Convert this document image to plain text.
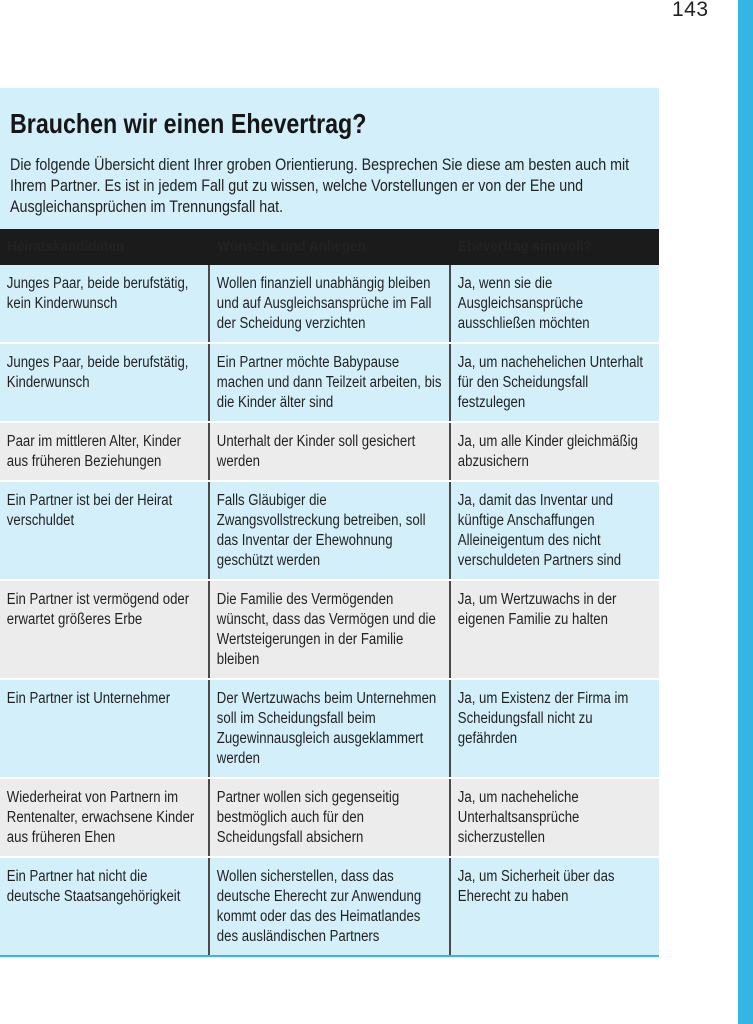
143
Brauchen wir einen Ehevertrag?

Die folgende Übersicht dient Ihrer groben Orientierung. Besprechen Sie diese am besten auch mit Ihrem Partner. Es ist in jedem Fall gut zu wissen, welche Vorstellungen er von der Ehe und Ausgleichansprüchen im Trennungsfall hat.

Heiratskandidaten	Wünsche und Anliegen	Ehevertrag sinnvoll?

Junges Paar, beide berufstätig, kein Kinderwunsch	Wollen finanziell unabhängig bleiben und auf Ausgleichsansprüche im Fall der Scheidung verzichten	Ja, wenn sie die Ausgleichsansprüche ausschließen möchten

Junges Paar, beide berufstätig, Kinderwunsch	Ein Partner möchte Babypause machen und dann Teilzeit arbeiten, bis die Kinder älter sind	Ja, um nachehelichen Unterhalt für den Scheidungsfall festzulegen

Paar im mittleren Alter, Kinder aus früheren Beziehungen	Unterhalt der Kinder soll gesichert werden	Ja, um alle Kinder gleichmäßig abzusichern

Ein Partner ist bei der Heirat verschuldet	Falls Gläubiger die Zwangsvollstreckung betreiben, soll das Inventar der Ehewohnung geschützt werden	Ja, damit das Inventar und künftige Anschaffungen Alleineigentum des nicht verschuldeten Partners sind

Ein Partner ist vermögend oder erwartet größeres Erbe	Die Familie des Vermögenden wünscht, dass das Vermögen und die Wertsteigerungen in der Familie bleiben	Ja, um Wertzuwachs in der eigenen Familie zu halten

Ein Partner ist Unternehmer	Der Wertzuwachs beim Unternehmen soll im Scheidungsfall beim Zugewinnausgleich ausgeklammert werden	Ja, um Existenz der Firma im Scheidungsfall nicht zu gefährden

Wiederheirat von Partnern im Rentenalter, erwachsene Kinder aus früheren Ehen	Partner wollen sich gegenseitig bestmöglich auch für den Scheidungsfall absichern	Ja, um nacheheliche Unterhaltsansprüche sicherzustellen

Ein Partner hat nicht die deutsche Staatsangehörigkeit	Wollen sicherstellen, dass das deutsche Eherecht zur Anwendung kommt oder das des Heimatlandes des ausländischen Partners	Ja, um Sicherheit über das Eherecht zu haben
